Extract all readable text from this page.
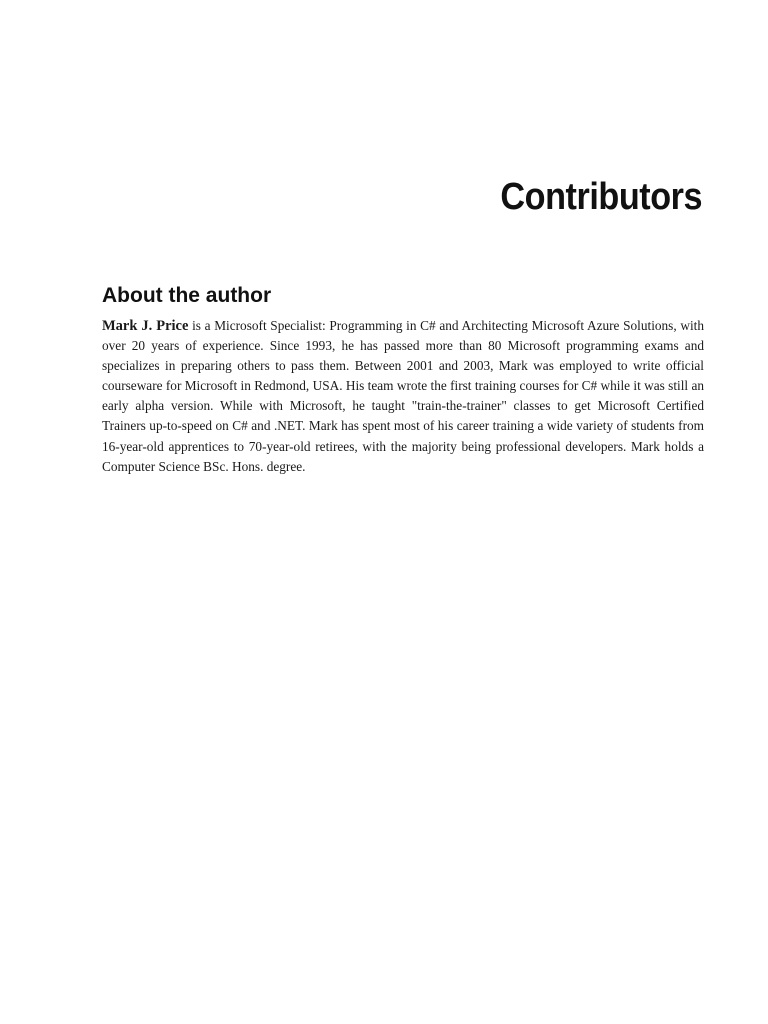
Contributors
About the author

Mark J. Price is a Microsoft Specialist: Programming in C# and Architecting Microsoft Azure Solutions, with over 20 years of experience. Since 1993, he has passed more than 80 Microsoft programming exams and specializes in preparing others to pass them. Between 2001 and 2003, Mark was employed to write official courseware for Microsoft in Redmond, USA. His team wrote the first training courses for C# while it was still an early alpha version. While with Microsoft, he taught "train-the-trainer" classes to get Microsoft Certified Trainers up-to-speed on C# and .NET. Mark has spent most of his career training a wide variety of students from 16-year-old apprentices to 70-year-old retirees, with the majority being professional developers. Mark holds a Computer Science BSc. Hons. degree.
